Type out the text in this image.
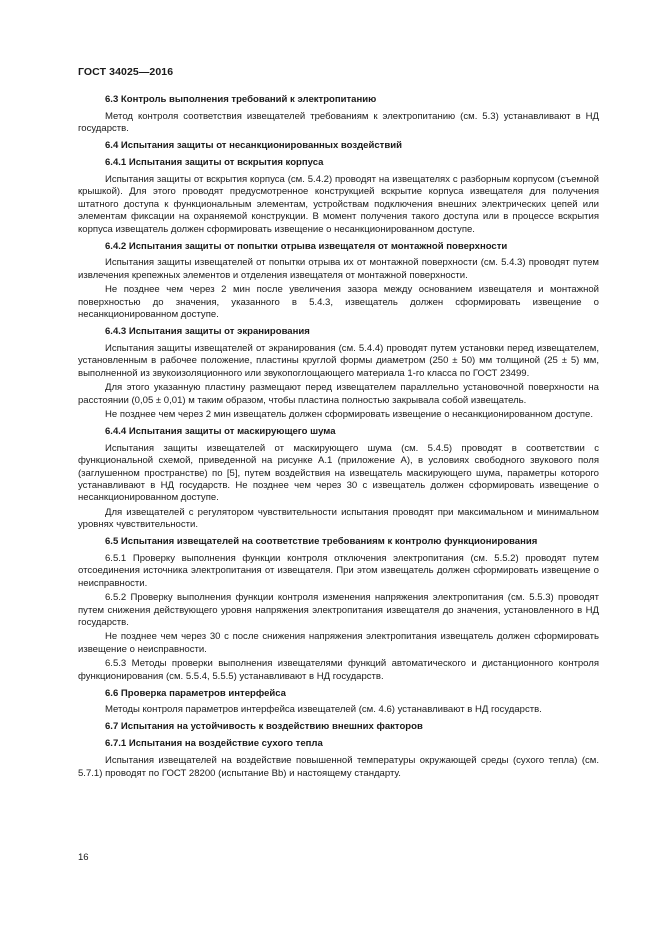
ГОСТ 34025—2016
6.3 Контроль выполнения требований к электропитанию
Метод контроля соответствия извещателей требованиям к электропитанию (см. 5.3) устанавливают в НД государств.
6.4 Испытания защиты от несанкционированных воздействий
6.4.1 Испытания защиты от вскрытия корпуса
Испытания защиты от вскрытия корпуса (см. 5.4.2) проводят на извещателях с разборным корпусом (съемной крышкой). Для этого проводят предусмотренное конструкцией вскрытие корпуса извещателя для получения штатного доступа к функциональным элементам, устройствам подключения внешних электрических цепей или элементам фиксации на охраняемой конструкции. В момент получения такого доступа или в процессе вскрытия корпуса извещатель должен сформировать извещение о несанкционированном доступе.
6.4.2 Испытания защиты от попытки отрыва извещателя от монтажной поверхности
Испытания защиты извещателей от попытки отрыва их от монтажной поверхности (см. 5.4.3) проводят путем извлечения крепежных элементов и отделения извещателя от монтажной поверхности.
Не позднее чем через 2 мин после увеличения зазора между основанием извещателя и монтажной поверхностью до значения, указанного в 5.4.3, извещатель должен сформировать извещение о несанкционированном доступе.
6.4.3 Испытания защиты от экранирования
Испытания защиты извещателей от экранирования (см. 5.4.4) проводят путем установки перед извещателем, установленным в рабочее положение, пластины круглой формы диаметром (250 ± 50) мм толщиной (25 ± 5) мм, выполненной из звукоизоляционного или звукопоглощающего материала 1-го класса по ГОСТ 23499.
Для этого указанную пластину размещают перед извещателем параллельно установочной поверхности на расстоянии (0,05 ± 0,01) м таким образом, чтобы пластина полностью закрывала собой извещатель.
Не позднее чем через 2 мин извещатель должен сформировать извещение о несанкционированном доступе.
6.4.4 Испытания защиты от маскирующего шума
Испытания защиты извещателей от маскирующего шума (см. 5.4.5) проводят в соответствии с функциональной схемой, приведенной на рисунке А.1 (приложение А), в условиях свободного звукового поля (заглушенном пространстве) по [5], путем воздействия на извещатель маскирующего шума, параметры которого устанавливают в НД государств. Не позднее чем через 30 с извещатель должен сформировать извещение о несанкционированном доступе.
Для извещателей с регулятором чувствительности испытания проводят при максимальном и минимальном уровнях чувствительности.
6.5 Испытания извещателей на соответствие требованиям к контролю функционирования
6.5.1 Проверку выполнения функции контроля отключения электропитания (см. 5.5.2) проводят путем отсоединения источника электропитания от извещателя. При этом извещатель должен сформировать извещение о неисправности.
6.5.2 Проверку выполнения функции контроля изменения напряжения электропитания (см. 5.5.3) проводят путем снижения действующего уровня напряжения электропитания извещателя до значения, установленного в НД государств.
Не позднее чем через 30 с после снижения напряжения электропитания извещатель должен сформировать извещение о неисправности.
6.5.3 Методы проверки выполнения извещателями функций автоматического и дистанционного контроля функционирования (см. 5.5.4, 5.5.5) устанавливают в НД государств.
6.6 Проверка параметров интерфейса
Методы контроля параметров интерфейса извещателей (см. 4.6) устанавливают в НД государств.
6.7 Испытания на устойчивость к воздействию внешних факторов
6.7.1 Испытания на воздействие сухого тепла
Испытания извещателей на воздействие повышенной температуры окружающей среды (сухого тепла) (см. 5.7.1) проводят по ГОСТ 28200 (испытание Bb) и настоящему стандарту.
16
